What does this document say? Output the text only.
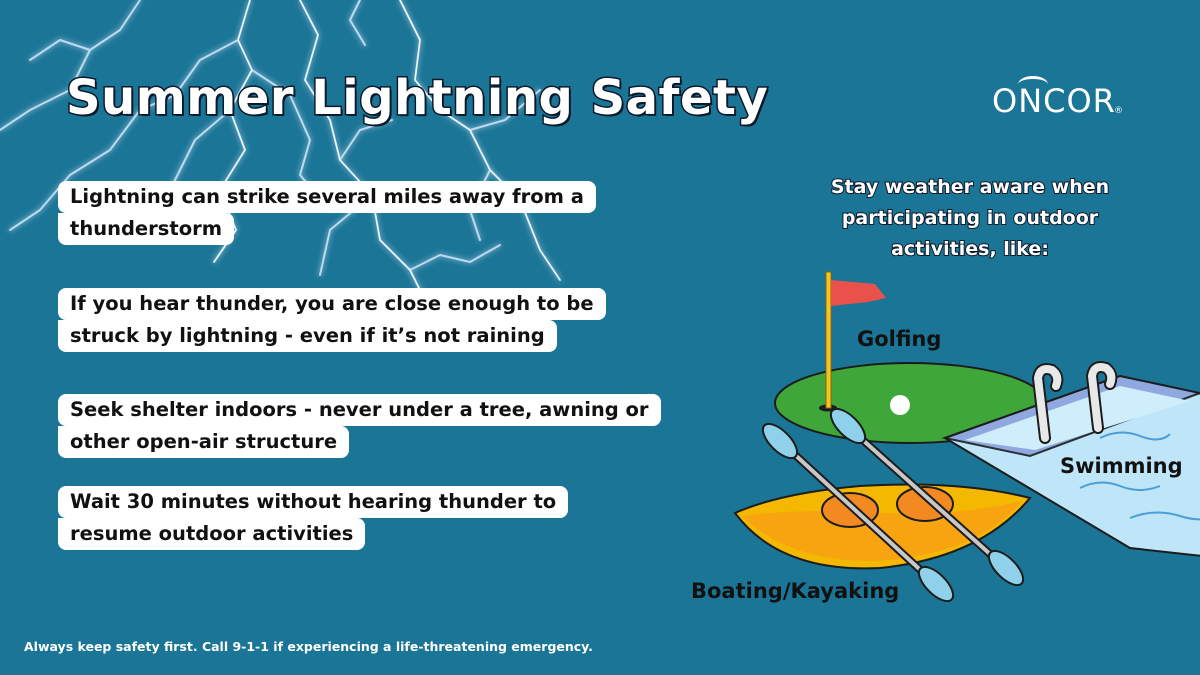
Summer Lightning Safety	ONCOR
®
Lightning can strike several miles away from a
thunderstorm
If you hear thunder, you are close enough to be
struck by lightning - even if it’s not raining
Seek shelter indoors - never under a tree, awning or
other open-air structure
Wait 30 minutes without hearing thunder to
resume outdoor activities
Stay weather aware when
participating in outdoor
activities, like:
Golfing
Swimming
Boating/Kayaking
Always keep safety first. Call 9-1-1 if experiencing a life-threatening emergency.
